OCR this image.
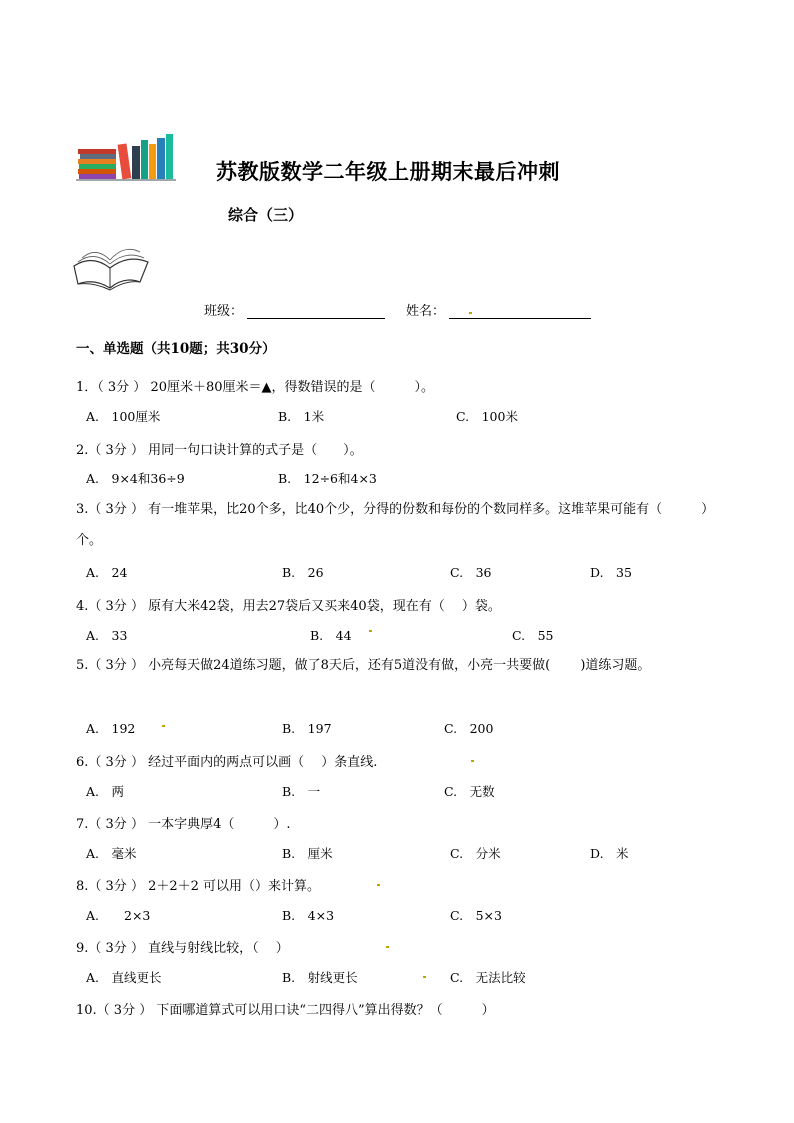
苏教版数学二年级上册期末最后冲刺
综合（三）
班级：	姓名：
一、单选题（共10题；共30分）
1．（ 3分 ） 20厘米＋80厘米＝▲，得数错误的是（　　　）。
A.　100厘米	B.　1米	C.　100米
2.（ 3分 ） 用同一句口诀计算的式子是（　　）。
A.　9×4和36÷9	B.　12÷6和4×3
3.（ 3分 ） 有一堆苹果，比20个多，比40个少，分得的份数和每份的个数同样多。这堆苹果可能有（　　　）个。
A.　24	B.　26	C.　36	D.　35
4.（ 3分 ） 原有大米42袋，用去27袋后又买来40袋，现在有（　 ）袋。
A.　33	B.　44	C.　55
5.（ 3分 ） 小亮每天做24道练习题，做了8天后，还有5道没有做，小亮一共要做(　　 )道练习题。
A.　192	B.　197	C.　200
6.（ 3分 ） 经过平面内的两点可以画（　 ）条直线.
A.　两	B.　一	C.　无数
7.（ 3分 ） 一本字典厚4（　　　）.
A.　毫米	B.　厘米	C.　分米	D.　米
8.（ 3分 ） 2＋2＋2 可以用（）来计算。
A.　　2×3	B.　4×3	C.　5×3
9.（ 3分 ） 直线与射线比较，（　 ）
A.　直线更长	B.　射线更长	C.　无法比较
10.（ 3分 ） 下面哪道算式可以用口诀“二四得八”算出得数？（　　　）
